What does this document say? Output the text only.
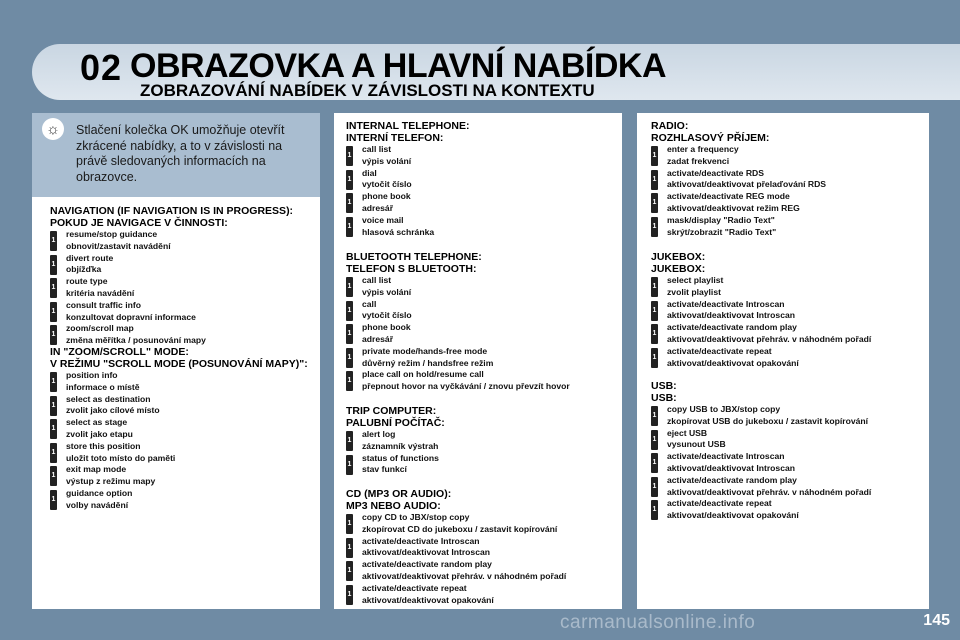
02 OBRAZOVKA A HLAVNÍ NABÍDKA
ZOBRAZOVÁNÍ NABÍDEK V ZÁVISLOSTI NA KONTEXTU
☼	Stlačení kolečka OK umožňuje otevřít zkrácené nabídky, a to v závislosti na právě sledovaných informacích na obrazovce.
NAVIGATION (IF NAVIGATION IS IN PROGRESS):
POKUD JE NAVIGACE V ČINNOSTI:
1
resume/stop guidance
obnovit/zastavit navádění
1
divert route
objížďka
1
route type
kritéria navádění
1
consult traffic info
konzultovat dopravní informace
1
zoom/scroll map
změna měřítka / posunování mapy
IN "ZOOM/SCROLL" MODE:
V REŽIMU "SCROLL MODE (POSUNOVÁNÍ MAPY)":
1
position info
informace o místě
1
select as destination
zvolit jako cílové místo
1
select as stage
zvolit jako etapu
1
store this position
uložit toto místo do paměti
1
exit map mode
výstup z režimu mapy
1
guidance option
volby navádění
INTERNAL TELEPHONE:
INTERNÍ TELEFON:
1
call list
výpis volání
1
dial
vytočit číslo
1
phone book
adresář
1
voice mail
hlasová schránka
BLUETOOTH TELEPHONE:
TELEFON S BLUETOOTH:
1
call list
výpis volání
1
call
vytočit číslo
1
phone book
adresář
1
private mode/hands-free mode
důvěrný režim / handsfree režim
1
place call on hold/resume call
přepnout hovor na vyčkávání / znovu převzít hovor
TRIP COMPUTER:
PALUBNÍ POČÍTAČ:
1
alert log
záznamník výstrah
1
status of functions
stav funkcí
CD (MP3 OR AUDIO):
MP3 NEBO AUDIO:
1
copy CD to JBX/stop copy
zkopírovat CD do jukeboxu / zastavit kopírování
1
activate/deactivate Introscan
aktivovat/deaktivovat Introscan
1
activate/deactivate random play
aktivovat/deaktivovat přehráv. v náhodném pořadí
1
activate/deactivate repeat
aktivovat/deaktivovat opakování
RADIO:
ROZHLASOVÝ PŘÍJEM:
1
enter a frequency
zadat frekvenci
1
activate/deactivate RDS
aktivovat/deaktivovat přelaďování RDS
1
activate/deactivate REG mode
aktivovat/deaktivovat režim REG
1
mask/display "Radio Text"
skrýt/zobrazit "Radio Text"
JUKEBOX:
JUKEBOX:
1
select playlist
zvolit playlist
1
activate/deactivate Introscan
aktivovat/deaktivovat Introscan
1
activate/deactivate random play
aktivovat/deaktivovat přehráv. v náhodném pořadí
1
activate/deactivate repeat
aktivovat/deaktivovat opakování
USB:
USB:
1
copy USB to JBX/stop copy
zkopírovat USB do jukeboxu / zastavit kopírování
1
eject USB
vysunout USB
1
activate/deactivate Introscan
aktivovat/deaktivovat Introscan
1
activate/deactivate random play
aktivovat/deaktivovat přehráv. v náhodném pořadí
1
activate/deactivate repeat
aktivovat/deaktivovat opakování
carmanualsonline.info	145
